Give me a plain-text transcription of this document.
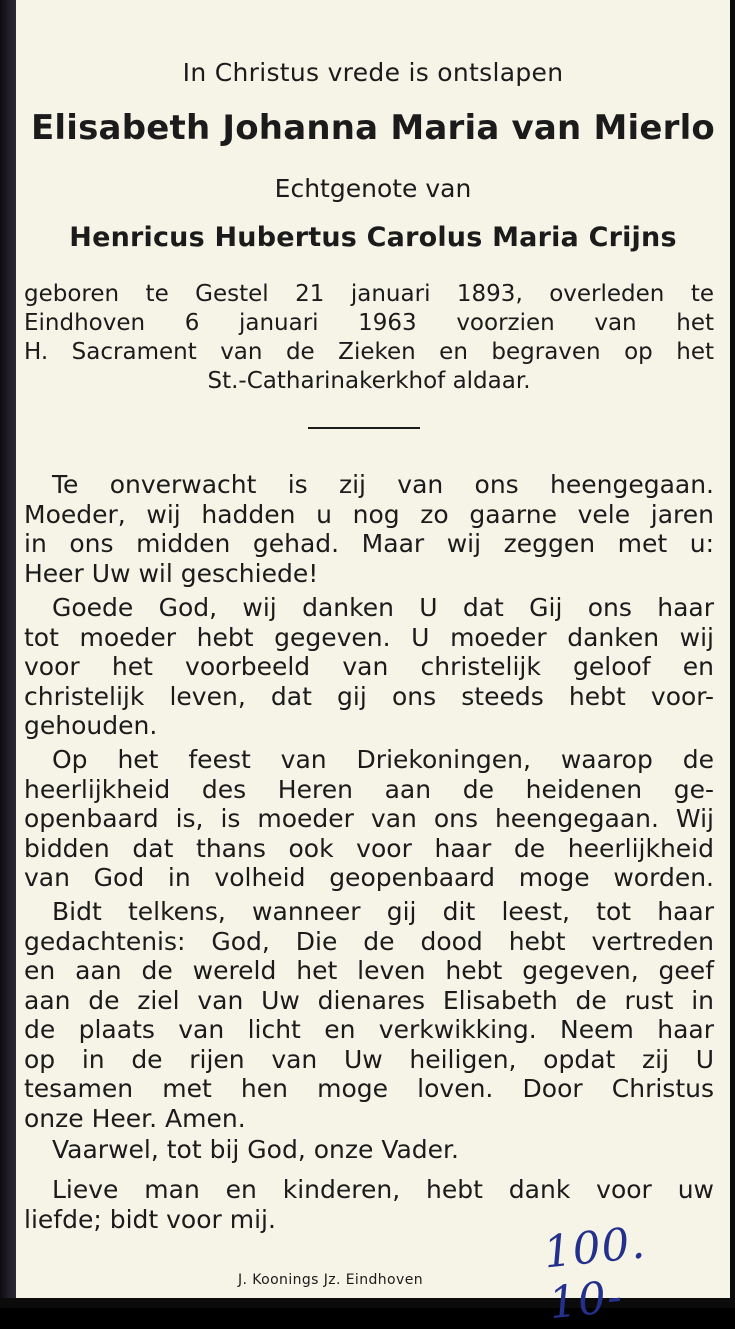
In Christus vrede is ontslapen
Elisabeth Johanna Maria van Mierlo
Echtgenote van
Henricus Hubertus Carolus Maria Crijns
geboren te Gestel 21 januari 1893, overleden te
Eindhoven 6 januari 1963 voorzien van het
H. Sacrament van de Zieken en begraven op het
St.-Catharinakerkhof aldaar.
Te onverwacht is zij van ons heengegaan.
Moeder, wij hadden u nog zo gaarne vele jaren
in ons midden gehad. Maar wij zeggen met u:
Heer Uw wil geschiede!
Goede God, wij danken U dat Gij ons haar
tot moeder hebt gegeven. U moeder danken wij
voor het voorbeeld van christelijk geloof en
christelijk leven, dat gij ons steeds hebt voor-
gehouden.
Op het feest van Driekoningen, waarop de
heerlijkheid des Heren aan de heidenen ge-
openbaard is, is moeder van ons heengegaan. Wij
bidden dat thans ook voor haar de heerlijkheid
van God in volheid geopenbaard moge worden.
Bidt telkens, wanneer gij dit leest, tot haar
gedachtenis: God, Die de dood hebt vertreden
en aan de wereld het leven hebt gegeven, geef
aan de ziel van Uw dienares Elisabeth de rust in
de plaats van licht en verkwikking. Neem haar
op in de rijen van Uw heiligen, opdat zij U
tesamen met hen moge loven. Door Christus
onze Heer. Amen.
Vaarwel, tot bij God, onze Vader.
Lieve man en kinderen, hebt dank voor uw
liefde; bidt voor mij.
J. Koonings Jz. Eindhoven
100. 10-
